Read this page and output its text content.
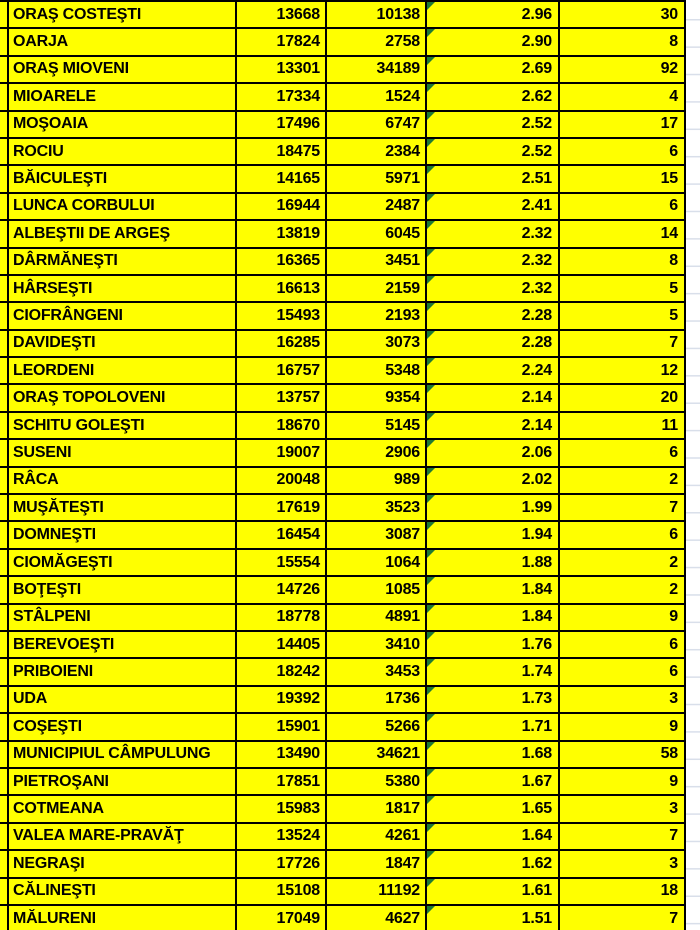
ORAŞ COSTEŞTI	13668	10138	2.96	30
OARJA	17824	2758	2.90	8
ORAŞ MIOVENI	13301	34189	2.69	92
MIOARELE	17334	1524	2.62	4
MOŞOAIA	17496	6747	2.52	17
ROCIU	18475	2384	2.52	6
BĂICULEŞTI	14165	5971	2.51	15
LUNCA CORBULUI	16944	2487	2.41	6
ALBEŞTII DE ARGEŞ	13819	6045	2.32	14
DÂRMĂNEŞTI	16365	3451	2.32	8
HÂRSEŞTI	16613	2159	2.32	5
CIOFRÂNGENI	15493	2193	2.28	5
DAVIDEŞTI	16285	3073	2.28	7
LEORDENI	16757	5348	2.24	12
ORAŞ TOPOLOVENI	13757	9354	2.14	20
SCHITU GOLEŞTI	18670	5145	2.14	11
SUSENI	19007	2906	2.06	6
RÂCA	20048	989	2.02	2
MUŞĂTEŞTI	17619	3523	1.99	7
DOMNEŞTI	16454	3087	1.94	6
CIOMĂGEŞTI	15554	1064	1.88	2
BOŢEŞTI	14726	1085	1.84	2
STÂLPENI	18778	4891	1.84	9
BEREVOEŞTI	14405	3410	1.76	6
PRIBOIENI	18242	3453	1.74	6
UDA	19392	1736	1.73	3
COŞEŞTI	15901	5266	1.71	9
MUNICIPIUL CÂMPULUNG	13490	34621	1.68	58
PIETROŞANI	17851	5380	1.67	9
COTMEANA	15983	1817	1.65	3
VALEA MARE-PRAVĂŢ	13524	4261	1.64	7
NEGRAŞI	17726	1847	1.62	3
CĂLINEŞTI	15108	11192	1.61	18
MĂLURENI	17049	4627	1.51	7
